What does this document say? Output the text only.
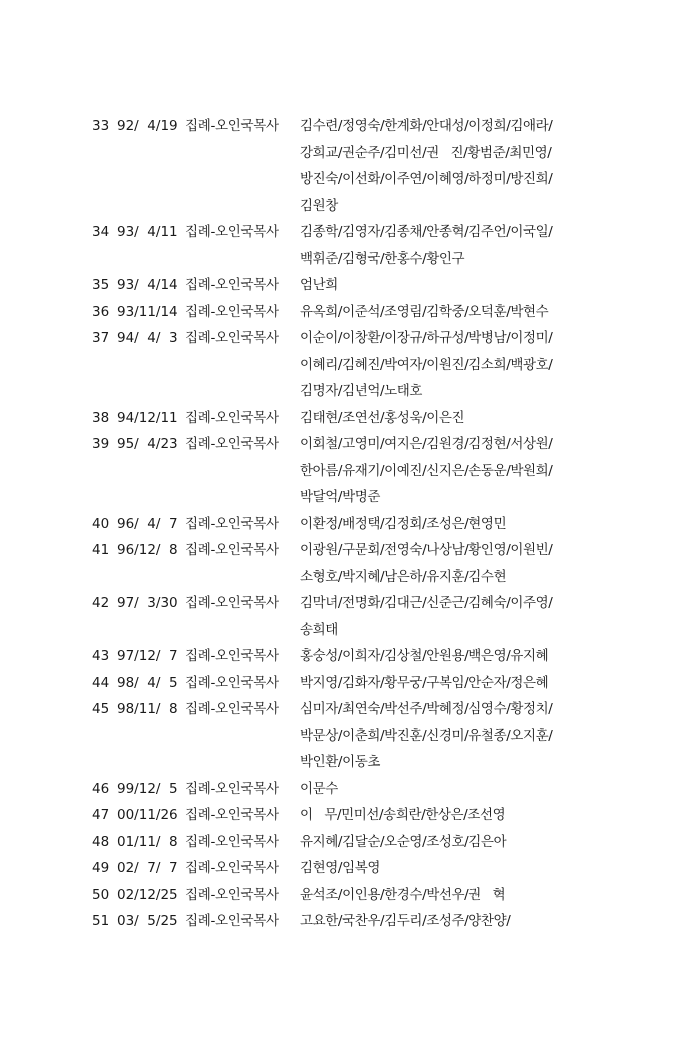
33 92/  4/19 집례-오인국목사 김수련/정영숙/한계화/안대성/이정희/김애라/
강희교/권순주/김미선/권   진/황범준/최민영/
방진숙/이선화/이주연/이혜영/하정미/방진희/
김원창
34 93/  4/11 집례-오인국목사 김종학/김영자/김종채/안종혁/김주언/이국일/
백휘준/김형국/한홍수/황인구
35 93/  4/14 집례-오인국목사 엄난희
36 93/11/14 집례-오인국목사 유옥희/이준석/조영림/김학중/오덕훈/박현수
37 94/  4/  3 집례-오인국목사 이순이/이창환/이장규/하규성/박병남/이정미/
이혜리/김혜진/박여자/이원진/김소희/백광호/
김명자/김년억/노태호
38 94/12/11 집례-오인국목사 김태현/조연선/홍성욱/이은진
39 95/  4/23 집례-오인국목사 이회철/고영미/여지은/김원경/김정현/서상원/
한아름/유재기/이예진/신지은/손동운/박원희/
박달억/박명준
40 96/  4/  7 집례-오인국목사 이환정/배정택/김정회/조성은/현영민
41 96/12/  8 집례-오인국목사 이광원/구문회/전영숙/나상남/황인영/이원빈/
소형호/박지혜/남은하/유지훈/김수현
42 97/  3/30 집례-오인국목사 김막녀/전명화/김대근/신준근/김혜숙/이주영/
송희태
43 97/12/  7 집례-오인국목사 홍숭성/이희자/김상철/안원용/백은영/유지혜
44 98/  4/  5 집례-오인국목사 박지영/김화자/황무궁/구복임/안순자/정은혜
45 98/11/  8 집례-오인국목사 심미자/최연숙/박선주/박혜정/심영수/황정치/
박문상/이춘희/박진훈/신경미/유철종/오지훈/
박인환/이동초
46 99/12/  5 집례-오인국목사 이문수
47 00/11/26 집례-오인국목사 이   무/민미선/송희란/한상은/조선영
48 01/11/  8 집례-오인국목사 유지혜/김달순/오순영/조성호/김은아
49 02/  7/  7 집례-오인국목사 김현영/임복영
50 02/12/25 집례-오인국목사 윤석조/이인용/한경수/박선우/권   혁
51 03/  5/25 집례-오인국목사 고요한/국찬우/김두리/조성주/양찬양/
